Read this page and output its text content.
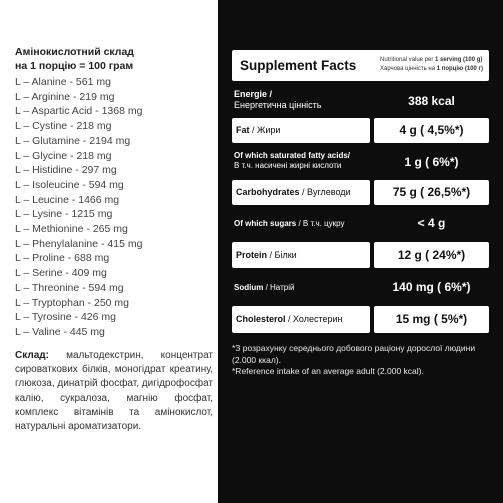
Амінокислотний склад
на 1 порцію = 100 грам
L – Alanine - 561 mg
L – Arginine - 219 mg
L – Aspartic Acid - 1368 mg
L – Cystine - 218 mg
L – Glutamine - 2194 mg
L – Glycine - 218 mg
L – Histidine - 297 mg
L – Isoleucine - 594 mg
L – Leucine - 1466 mg
L – Lysine - 1215 mg
L – Methionine - 265 mg
L – Phenylalanine - 415 mg
L – Proline - 688 mg
L – Serine - 409 mg
L – Threonine - 594 mg
L – Tryptophan - 250 mg
L – Tyrosine - 426 mg
L – Valine - 445 mg
Склад: мальтодекстрин, концентрат сироваткових білків, моногідрат креатину, глюкоза, динатрій фосфат, дигідрофосфат калію, сукралоза, магнію фосфат, комплекс вітамінів та амінокислот, натуральні ароматизатори.
Supplement Facts	Nutritional value per 1 serving (100 g)
Харчова цінність на 1 порцію (100 г)
Energie /
Енергетична цінність	388 kcal
Fat / Жири	4 g ( 4,5%*)
Of which saturated fatty acids/
В т.ч. насичені жирні кислоти	1 g ( 6%*)
Carbohydrates / Вуглеводи	75 g ( 26,5%*)
Of which sugars / В т.ч. цукру	< 4 g
Protein / Білки	12 g ( 24%*)
Sodium / Натрій	140 mg ( 6%*)
Cholesterol / Холестерин	15 mg ( 5%*)
*З розрахунку середнього добового раціону дорослої людини (2.000 ккал).
*Reference intake of an average adult (2.000 kcal).
